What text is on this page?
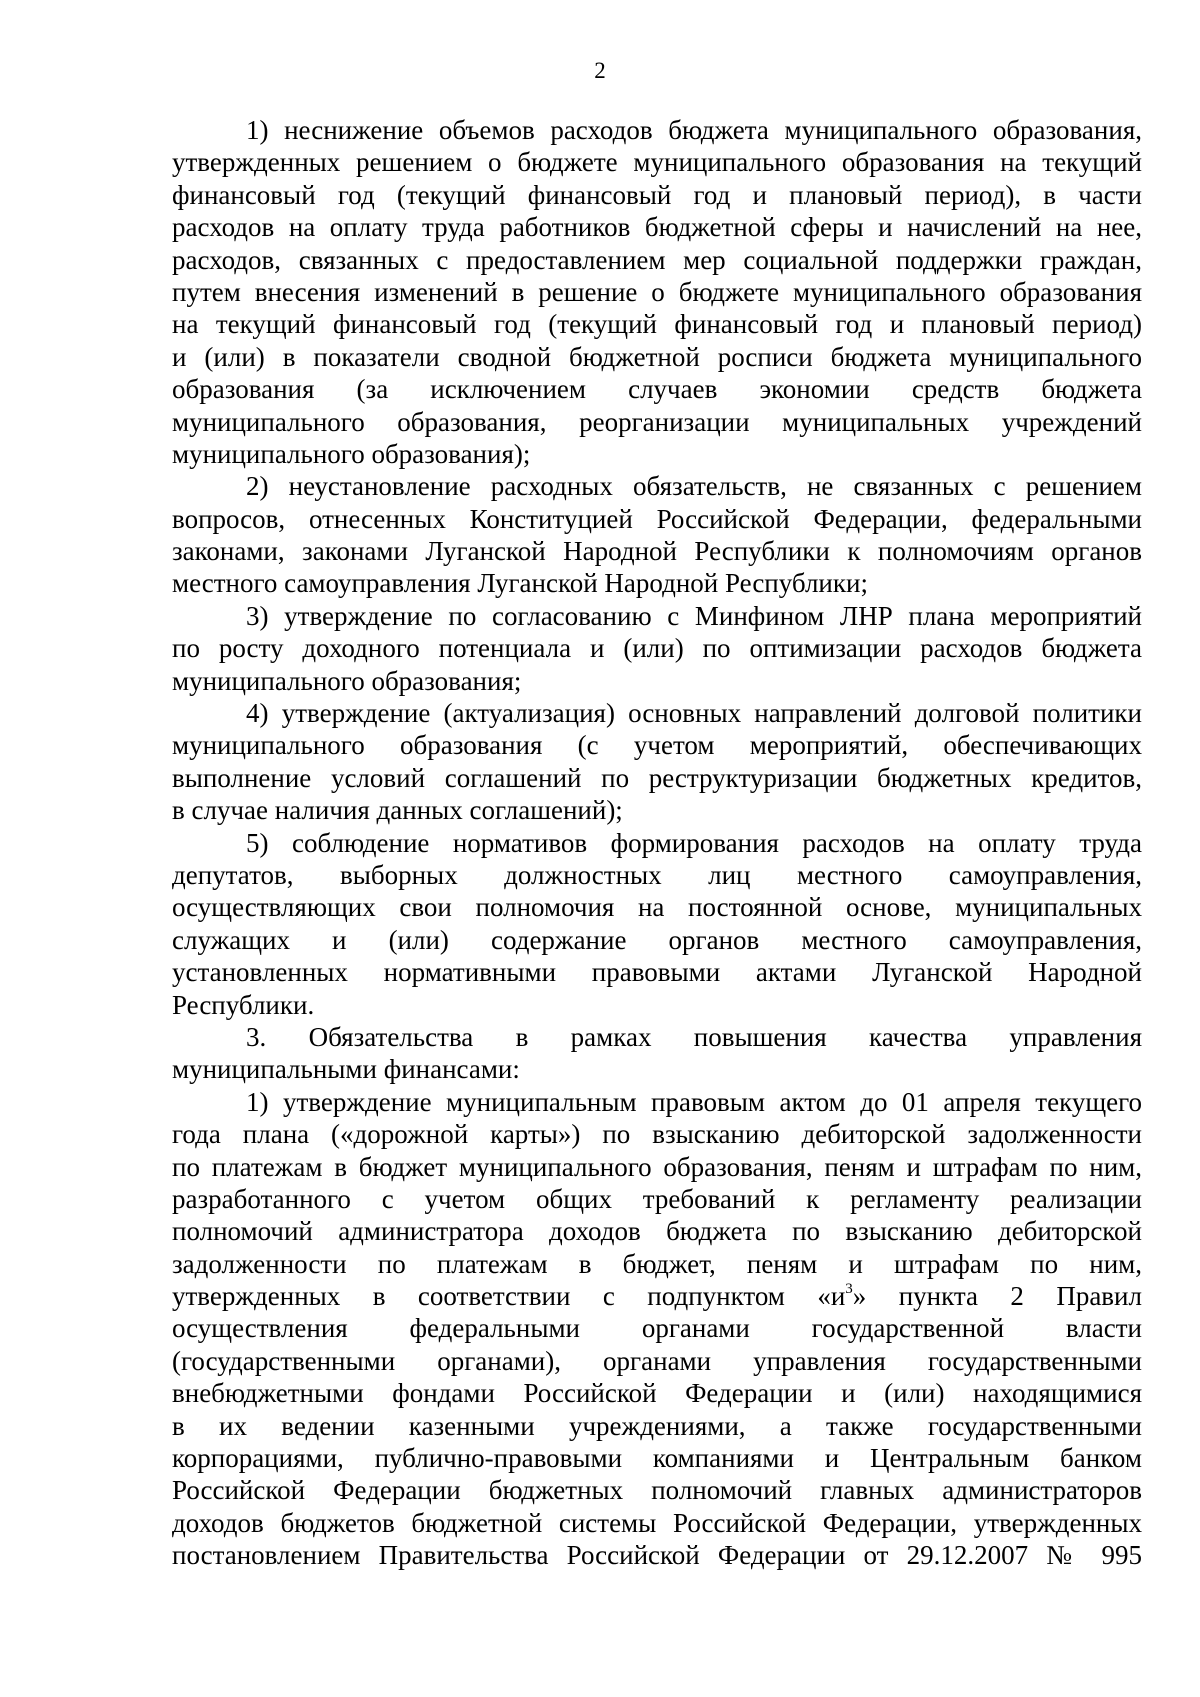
2
1) неснижение объемов расходов бюджета муниципального образования,
утвержденных решением о бюджете муниципального образования на текущий
финансовый год (текущий финансовый год и плановый период), в части
расходов на оплату труда работников бюджетной сферы и начислений на нее,
расходов, связанных с предоставлением мер социальной поддержки граждан,
путем внесения изменений в решение о бюджете муниципального образования
на текущий финансовый год (текущий финансовый год и плановый период)
и (или) в показатели сводной бюджетной росписи бюджета муниципального
образования (за исключением случаев экономии средств бюджета
муниципального образования, реорганизации муниципальных учреждений
муниципального образования);
2) неустановление расходных обязательств, не связанных с решением
вопросов, отнесенных Конституцией Российской Федерации, федеральными
законами, законами Луганской Народной Республики к полномочиям органов
местного самоуправления Луганской Народной Республики;
3) утверждение по согласованию с Минфином ЛНР плана мероприятий
по росту доходного потенциала и (или) по оптимизации расходов бюджета
муниципального образования;
4) утверждение (актуализация) основных направлений долговой политики
муниципального образования (с учетом мероприятий, обеспечивающих
выполнение условий соглашений по реструктуризации бюджетных кредитов,
в случае наличия данных соглашений);
5) соблюдение нормативов формирования расходов на оплату труда
депутатов, выборных должностных лиц местного самоуправления,
осуществляющих свои полномочия на постоянной основе, муниципальных
служащих и (или) содержание органов местного самоуправления,
установленных нормативными правовыми актами Луганской Народной
Республики.
3. Обязательства в рамках повышения качества управления
муниципальными финансами:
1) утверждение муниципальным правовым актом до 01 апреля текущего
года плана («дорожной карты») по взысканию дебиторской задолженности
по платежам в бюджет муниципального образования, пеням и штрафам по ним,
разработанного с учетом общих требований к регламенту реализации
полномочий администратора доходов бюджета по взысканию дебиторской
задолженности по платежам в бюджет, пеням и штрафам по ним,
утвержденных в соответствии с подпунктом «$и^3$» пункта 2 Правил
осуществления федеральными органами государственной власти
(государственными органами), органами управления государственными
внебюджетными фондами Российской Федерации и (или) находящимися
в их ведении казенными учреждениями, а также государственными
корпорациями, публично-правовыми компаниями и Центральным банком
Российской Федерации бюджетных полномочий главных администраторов
доходов бюджетов бюджетной системы Российской Федерации, утвержденных
постановлением Правительства Российской Федерации от 29.12.2007 № 995
